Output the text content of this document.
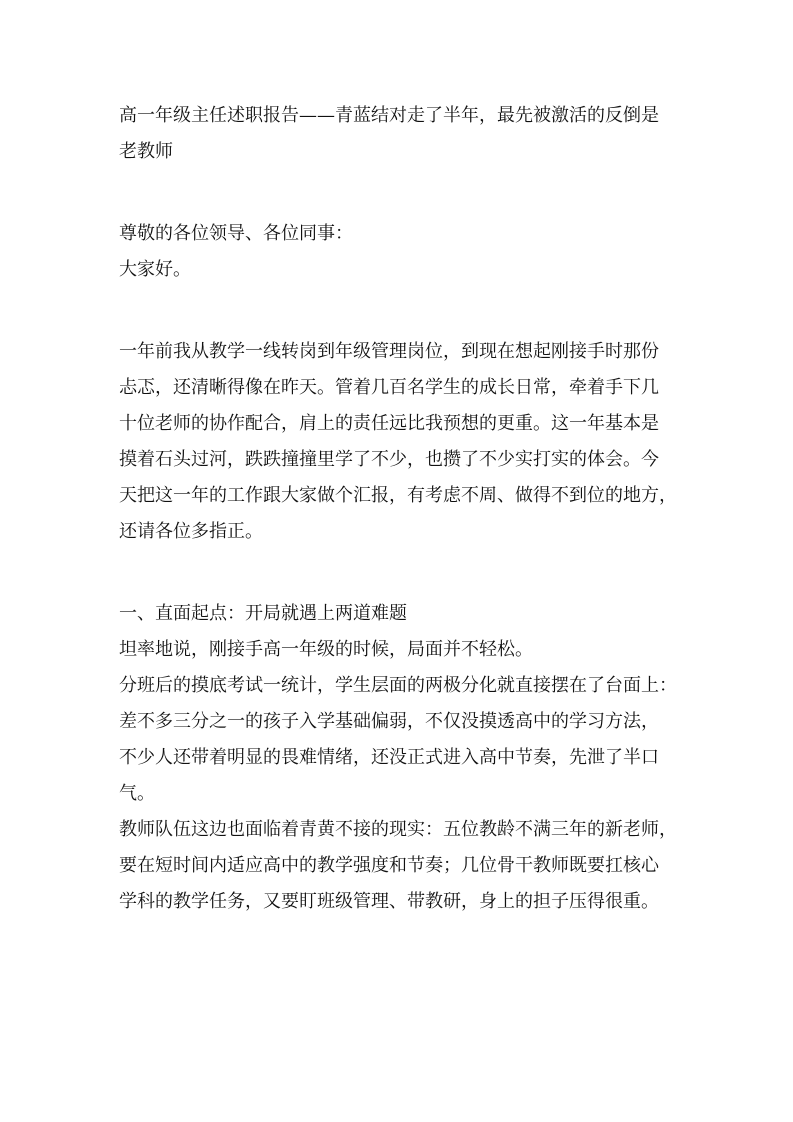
高一年级主任述职报告——青蓝结对走了半年，最先被激活的反倒是
老教师
尊敬的各位领导、各位同事：
大家好。
一年前我从教学一线转岗到年级管理岗位，到现在想起刚接手时那份
忐忑，还清晰得像在昨天。管着几百名学生的成长日常，牵着手下几
十位老师的协作配合，肩上的责任远比我预想的更重。这一年基本是
摸着石头过河，跌跌撞撞里学了不少，也攒了不少实打实的体会。今
天把这一年的工作跟大家做个汇报，有考虑不周、做得不到位的地方，
还请各位多指正。
一、直面起点：开局就遇上两道难题
坦率地说，刚接手高一年级的时候，局面并不轻松。
分班后的摸底考试一统计，学生层面的两极分化就直接摆在了台面上：
差不多三分之一的孩子入学基础偏弱，不仅没摸透高中的学习方法，
不少人还带着明显的畏难情绪，还没正式进入高中节奏，先泄了半口
气。
教师队伍这边也面临着青黄不接的现实：五位教龄不满三年的新老师，
要在短时间内适应高中的教学强度和节奏；几位骨干教师既要扛核心
学科的教学任务，又要盯班级管理、带教研，身上的担子压得很重。
